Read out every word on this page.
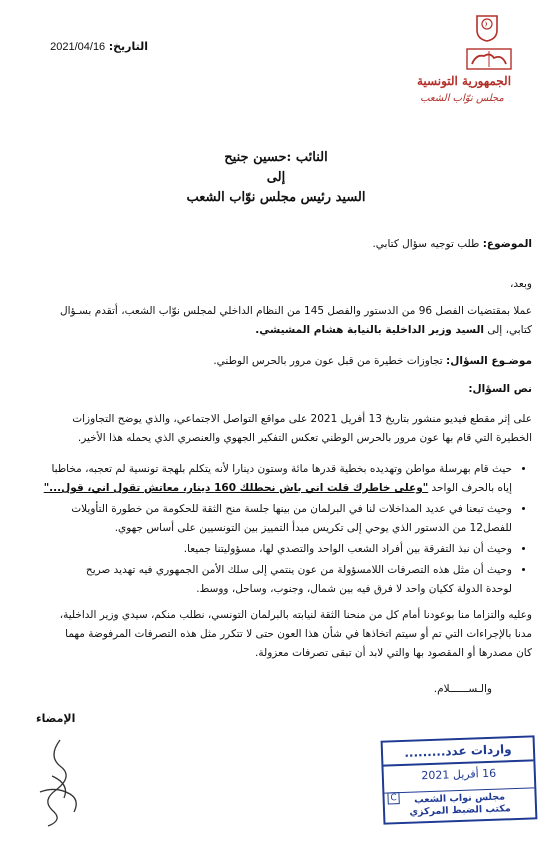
التاريخ: 2021/04/16
الجمهورية التونسية
مجلس نوّاب الشعب
النائب :حسين جنيح
إلى
السيد رئيس مجلس نوّاب الشعب
الموضوع: طلب توجيه سؤال كتابي.
وبعد،
عملا بمقتضيات الفصل 96 من الدستور والفصل 145 من النظام الداخلي لمجلس نوّاب الشعب، أتقدم بسـؤال
كتابي، إلى السيد وزير الداخلية بالنيابة هشام المشيشي.
موضـوع السؤال: تجاوزات خطيرة من قبل عون مرور بالحرس الوطني.
نص السؤال:
على إثر مقطع فيديو منشور بتاريخ 13 أفريل 2021 على مواقع التواصل الاجتماعي، والذي يوضح التجاوزات
الخطيرة التي قام بها عون مرور بالحرس الوطني تعكس التفكير الجهوي والعنصري الذي يحمله هذا الأخير.
• حيث قام بهرسلة مواطن وتهديده بخطية قدرها مائة وستون دينارا لأنه يتكلم بلهجة تونسية لم تعجبه، مخاطبا
إياه بالحرف الواحد "وعلى خاطرك قلت اني باش نحطلك 160 دينار، معاتش تقول اني، قول..."
• وحيث تبعنا في عديد المداخلات لنا في البرلمان من بينها جلسة منح الثقة للحكومة من خطورة التأويلات
للفصل12 من الدستور الذي يوحي إلى تكريس مبدأ التمييز بين التونسيين على أساس جهوي.
• وحيث أن نبذ التفرقة بين أفراد الشعب الواحد والتصدي لها، مسؤوليتنا جميعا.
• وحيث أن مثل هذه التصرفات اللامسؤولة من عون ينتمي إلى سلك الأمن الجمهوري فيه تهديد صريح
لوحدة الدولة ككيان واحد لا فرق فيه بين شمال، وجنوب، وساحل، ووسط.
وعليه والتزاما منا بوعودنا أمام كل من منحنا الثقة لنيابته بالبرلمان التونسي، نطلب منكم، سيدي وزير الداخلية،
مدنا بالإجراءات التي تم أو سيتم اتخاذها في شأن هذا العون حتى لا تتكرر مثل هذه التصرفات المرفوضة مهما
كان مصدرها أو المقصود بها والتي لابد أن تبقى تصرفات معزولة.
والـســــــلام.
الإمضاء
واردات عدد.........
16 أفريل 2021
مجلس نواب الشعب
مكتب الضبط المركزي
C
